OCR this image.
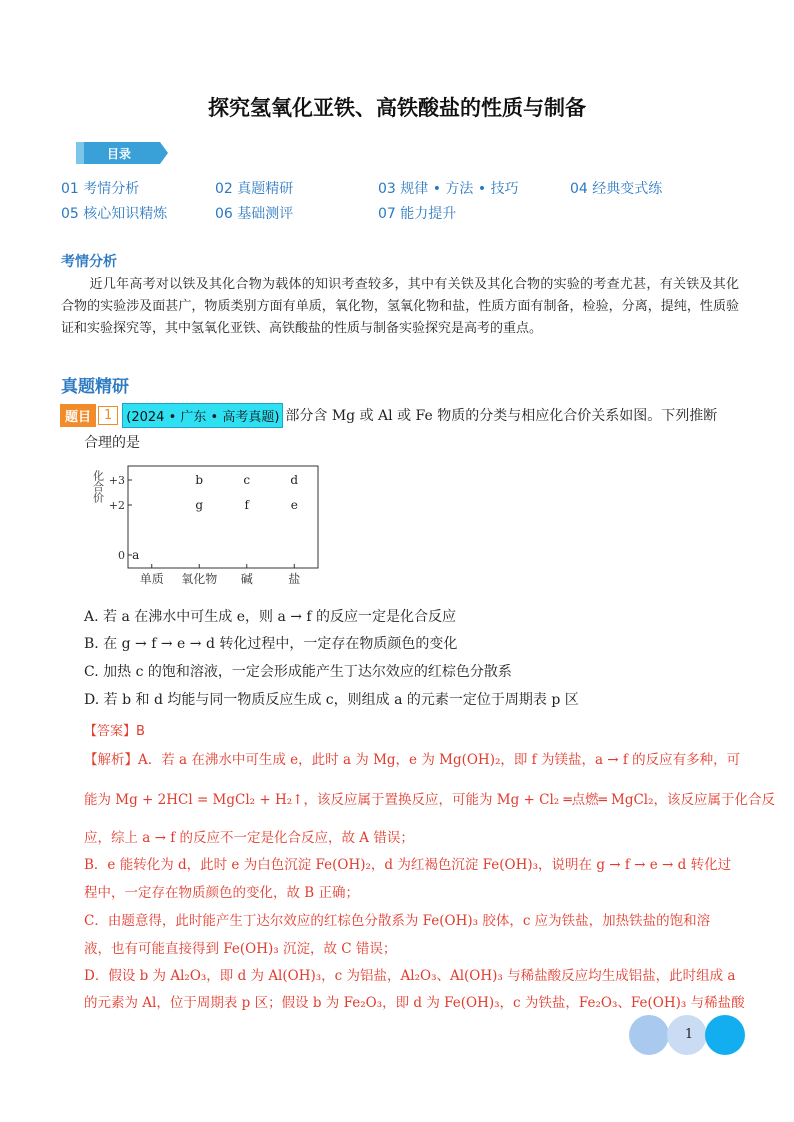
探究氢氧化亚铁、高铁酸盐的性质与制备
目录
01 考情分析	02 真题精研	03 规律 • 方法 • 技巧	04 经典变式练
05 核心知识精炼	06 基础测评	07 能力提升
考情分析
近几年高考对以铁及其化合物为载体的知识考查较多，其中有关铁及其化合物的实验的考查尤甚，有关铁及其化合物的实验涉及面甚广，物质类别方面有单质，氧化物，氢氧化物和盐，性质方面有制备，检验，分离，提纯，性质验证和实验探究等，其中氢氧化亚铁、高铁酸盐的性质与制备实验探究是高考的重点。
真题精研
题目	1	(2024 • 广东 • 高考真题) 部分含 Mg 或 Al 或 Fe 物质的分类与相应化合价关系如图。下列推断
合理的是
化合价 +3
+2
0
单质 氧化物 碱	盐
a
b
g
c
f
d
e
A. 若 a 在沸水中可生成 e，则 a → f 的反应一定是化合反应
B. 在 g → f → e → d 转化过程中，一定存在物质颜色的变化
C. 加热 c 的饱和溶液，一定会形成能产生丁达尔效应的红棕色分散系
D. 若 b 和 d 均能与同一物质反应生成 c，则组成 a 的元素一定位于周期表 p 区
【答案】B
【解析】A．若 a 在沸水中可生成 e，此时 a 为 Mg，e 为 Mg(OH)₂，即 f 为镁盐，a → f 的反应有多种，可
能为 Mg + 2HCl = MgCl₂ + H₂↑，该反应属于置换反应，可能为 Mg + Cl₂ ═点燃═ MgCl₂，该反应属于化合反
应，综上 a → f 的反应不一定是化合反应，故 A 错误；
B．e 能转化为 d，此时 e 为白色沉淀 Fe(OH)₂，d 为红褐色沉淀 Fe(OH)₃，说明在 g → f → e → d 转化过
程中，一定存在物质颜色的变化，故 B 正确；
C．由题意得，此时能产生丁达尔效应的红棕色分散系为 Fe(OH)₃ 胶体，c 应为铁盐，加热铁盐的饱和溶
液，也有可能直接得到 Fe(OH)₃ 沉淀，故 C 错误；
D．假设 b 为 Al₂O₃，即 d 为 Al(OH)₃，c 为铝盐，Al₂O₃、Al(OH)₃ 与稀盐酸反应均生成铝盐，此时组成 a
的元素为 Al，位于周期表 p 区；假设 b 为 Fe₂O₃，即 d 为 Fe(OH)₃，c 为铁盐，Fe₂O₃、Fe(OH)₃ 与稀盐酸
1
